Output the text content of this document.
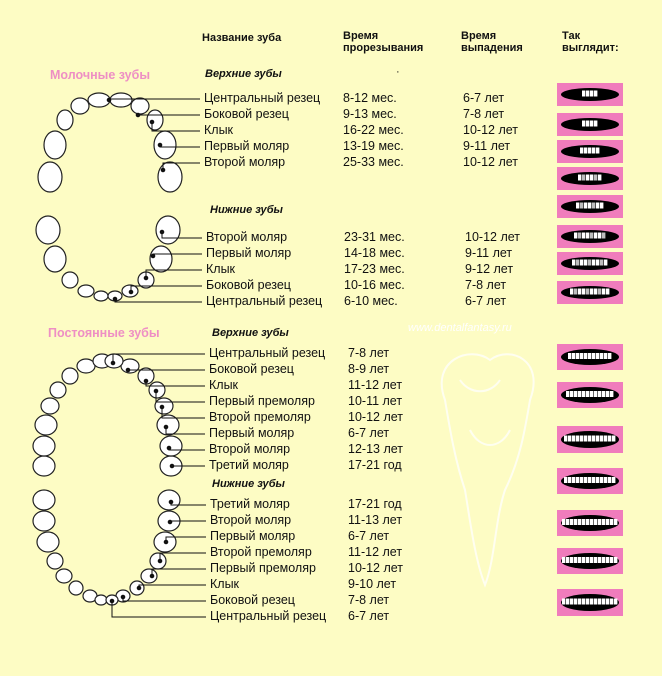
Название зуба	Время
прорезывания
Время
выпадения
Так
выглядит:
Молочные зубы	Верхние зубы	·
Нижние зубы
Постоянные зубы	Верхние зубы	www.dentalfantasy.ru
Нижние зубы
Центральный резец 8-12 мес.	6-7 лет
Боковой резец	9-13 мес.	7-8 лет
Клык	16-22 мес.	10-12 лет
Первый моляр	13-19 мес.	9-11 лет
Второй моляр	25-33 мес.	10-12 лет
Второй моляр	23-31 мес.	10-12 лет
Первый моляр	14-18 мес.	9-11 лет
Клык	17-23 мес.	9-12 лет
Боковой резец	10-16 мес.	7-8 лет
Центральный резец 6-10 мес.	6-7 лет
Центральный резец 7-8 лет
Боковой резец	8-9 лет
Клык	11-12 лет
Первый премоляр	10-11 лет
Второй премоляр	10-12 лет
Первый моляр	6-7 лет
Второй моляр	12-13 лет
Третий моляр	17-21 год
Третий моляр	17-21 год
Второй моляр	11-13 лет
Первый моляр	6-7 лет
Второй премоляр	11-12 лет
Первый премоляр	10-12 лет
Клык	9-10 лет
Боковой резец	7-8 лет
Центральный резец 6-7 лет
